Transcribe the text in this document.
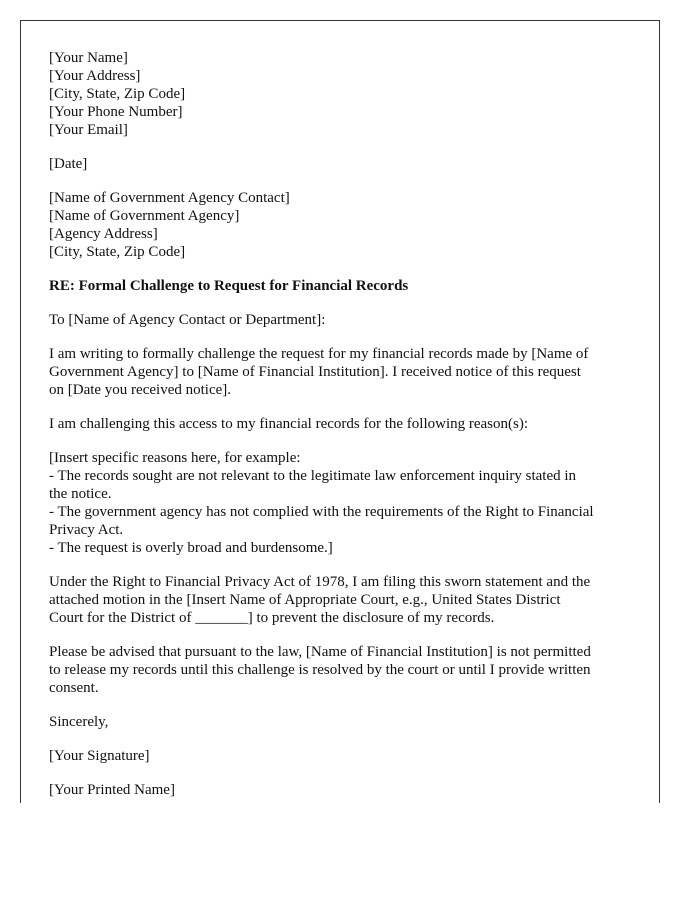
[Your Name]
[Your Address]
[City, State, Zip Code]
[Your Phone Number]
[Your Email]
[Date]
[Name of Government Agency Contact]
[Name of Government Agency]
[Agency Address]
[City, State, Zip Code]
RE: Formal Challenge to Request for Financial Records
To [Name of Agency Contact or Department]:
I am writing to formally challenge the request for my financial records made by [Name of
Government Agency] to [Name of Financial Institution]. I received notice of this request
on [Date you received notice].
I am challenging this access to my financial records for the following reason(s):
[Insert specific reasons here, for example:
- The records sought are not relevant to the legitimate law enforcement inquiry stated in
the notice.
- The government agency has not complied with the requirements of the Right to Financial
Privacy Act.
- The request is overly broad and burdensome.]
Under the Right to Financial Privacy Act of 1978, I am filing this sworn statement and the
attached motion in the [Insert Name of Appropriate Court, e.g., United States District
Court for the District of _______] to prevent the disclosure of my records.
Please be advised that pursuant to the law, [Name of Financial Institution] is not permitted
to release my records until this challenge is resolved by the court or until I provide written
consent.
Sincerely,
[Your Signature]
[Your Printed Name]
